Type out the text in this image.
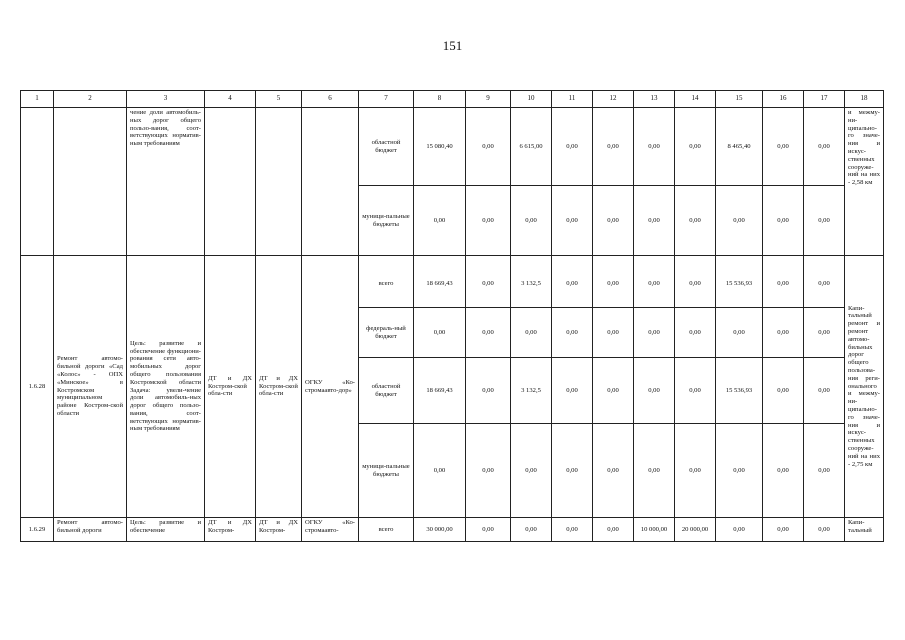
151
1	2	3	4	5	6	7	8	9	10	11	12	13	14	15	16	17	18
		чение доли автомобиль-ных дорог общего пользо-вания, соот-ветствующих норматив-ным требованиям				областной бюджет	15 080,40	0,00	6 615,00	0,00	0,00	0,00	0,00	8 465,40	0,00	0,00	и межму-ни-ципально-го значе-ния и искус-ственных сооруже-ний на них - 2,58 км
						муници-пальные бюджеты	0,00	0,00	0,00	0,00	0,00	0,00	0,00	0,00	0,00	0,00	
1.6.28	Ремонт автомо-бильной дороги «Сад «Колос» - ОПХ «Минское» в Костромском муниципальном районе Костром-ской области	Цель: развитие и обеспечение функциони-рования сети авто-мобильных дорог общего пользования Костромской области Задача: увели-чение доли автомобиль-ных дорог общего пользо-вания, соот-ветствующих норматив-ным требованиям	ДТ и ДХ Костром-ской обла-сти	ДТ и ДХ Костром-ской обла-сти	ОГКУ «Ко-стромаавто-дор»	всего	18 669,43	0,00	3 132,5	0,00	0,00	0,00	0,00	15 536,93	0,00	0,00	Капи-тальный ремонт и ремонт автомо-бильных дорог общего пользова-ния реги-онального и межму-ни-ципально-го значе-ния и искус-ственных сооруже-ний на них - 2,75 км
						федераль-ный бюджет	0,00	0,00	0,00	0,00	0,00	0,00	0,00	0,00	0,00	0,00	
						областной бюджет	18 669,43	0,00	3 132,5	0,00	0,00	0,00	0,00	15 536,93	0,00	0,00	
						муници-пальные бюджеты	0,00	0,00	0,00	0,00	0,00	0,00	0,00	0,00	0,00	0,00	
1.6.29	Ремонт автомо-бильной дороги	Цель: развитие и обеспечение	ДТ и ДХ Костром-	ДТ и ДХ Костром-	ОГКУ «Ко-стромаавто-	всего	30 000,00	0,00	0,00	0,00	0,00	10 000,00	20 000,00	0,00	0,00	0,00	Капи-тальный
